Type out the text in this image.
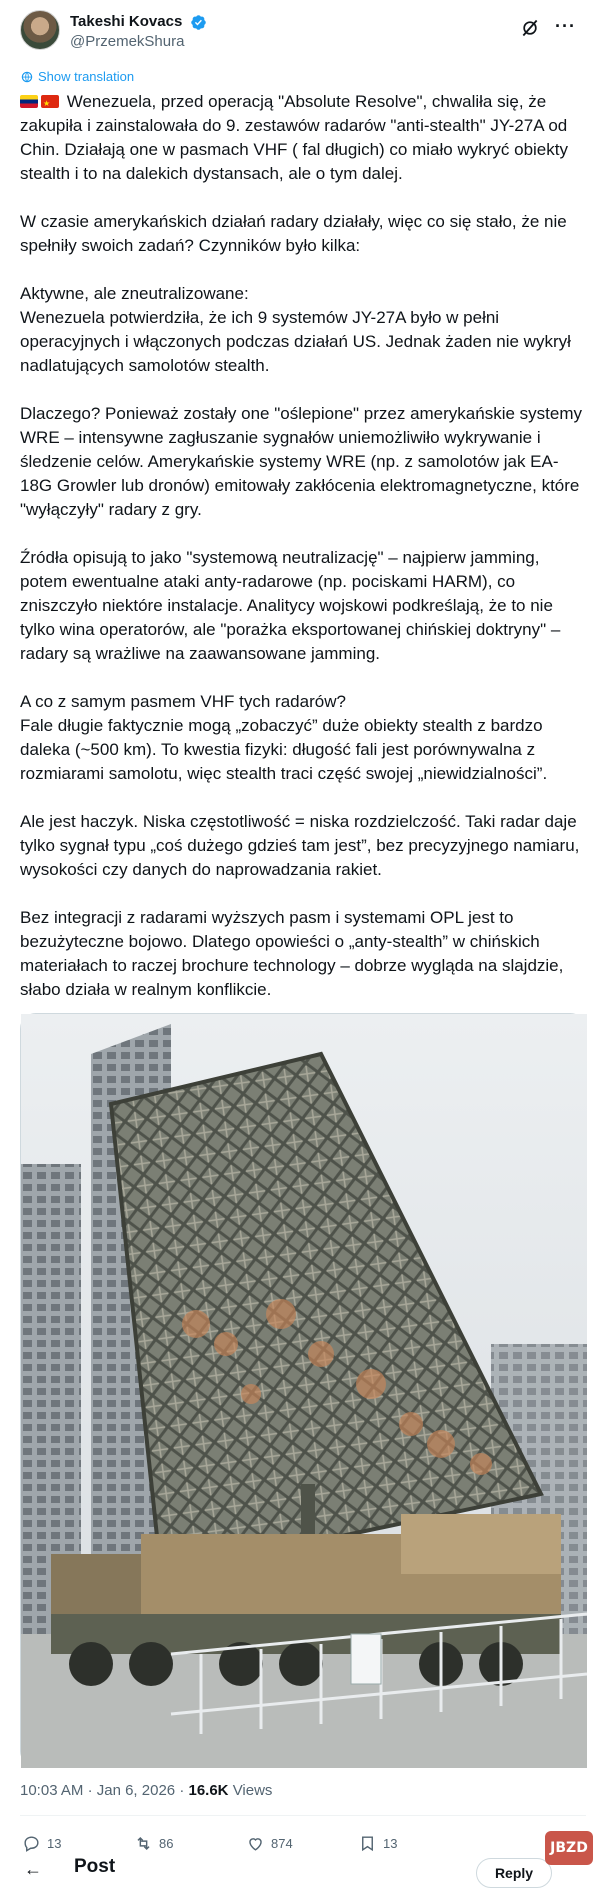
Takeshi Kovacs
@PrzemekShura
···
Show translation
★ Wenezuela, przed operacją "Absolute Resolve", chwaliła się, że zakupiła i zainstalowała do 9. zestawów radarów "anti-stealth" JY-27A od Chin. Działają one w pasmach VHF ( fal długich) co miało wykryć obiekty stealth i to na dalekich dystansach, ale o tym dalej.
W czasie amerykańskich działań radary działały, więc co się stało, że nie spełniły swoich zadań? Czynników było kilka:
Aktywne, ale zneutralizowane:
Wenezuela potwierdziła, że ich 9 systemów JY-27A było w pełni operacyjnych i włączonych podczas działań US. Jednak żaden nie wykrył nadlatujących samolotów stealth.
Dlaczego? Ponieważ zostały one "oślepione" przez amerykańskie systemy WRE – intensywne zagłuszanie sygnałów uniemożliwiło wykrywanie i śledzenie celów. Amerykańskie systemy WRE (np. z samolotów jak EA-18G Growler lub dronów) emitowały zakłócenia elektromagnetyczne, które "wyłączyły" radary z gry.
Źródła opisują to jako "systemową neutralizację" – najpierw jamming, potem ewentualne ataki anty-radarowe (np. pociskami HARM), co zniszczyło niektóre instalacje. Analitycy wojskowi podkreślają, że to nie tylko wina operatorów, ale "porażka eksportowanej chińskiej doktryny" – radary są wrażliwe na zaawansowane jamming.
A co z samym pasmem VHF tych radarów?
Fale długie faktycznie mogą „zobaczyć” duże obiekty stealth z bardzo daleka (~500 km). To kwestia fizyki: długość fali jest porównywalna z rozmiarami samolotu, więc stealth traci część swojej „niewidzialności”.
Ale jest haczyk. Niska częstotliwość = niska rozdzielczość. Taki radar daje tylko sygnał typu „coś dużego gdzieś tam jest”, bez precyzyjnego namiaru, wysokości czy danych do naprowadzania rakiet.
Bez integracji z radarami wyższych pasm i systemami OPL jest to bezużyteczne bojowo. Dlatego opowieści o „anty-stealth” w chińskich materiałach to raczej brochure technology – dobrze wygląda na slajdzie, słabo działa w realnym konflikcie.
10:03 AM · Jan 6, 2026 · 16.6K Views
13	86	874	13
← Post	Reply
JBZD
